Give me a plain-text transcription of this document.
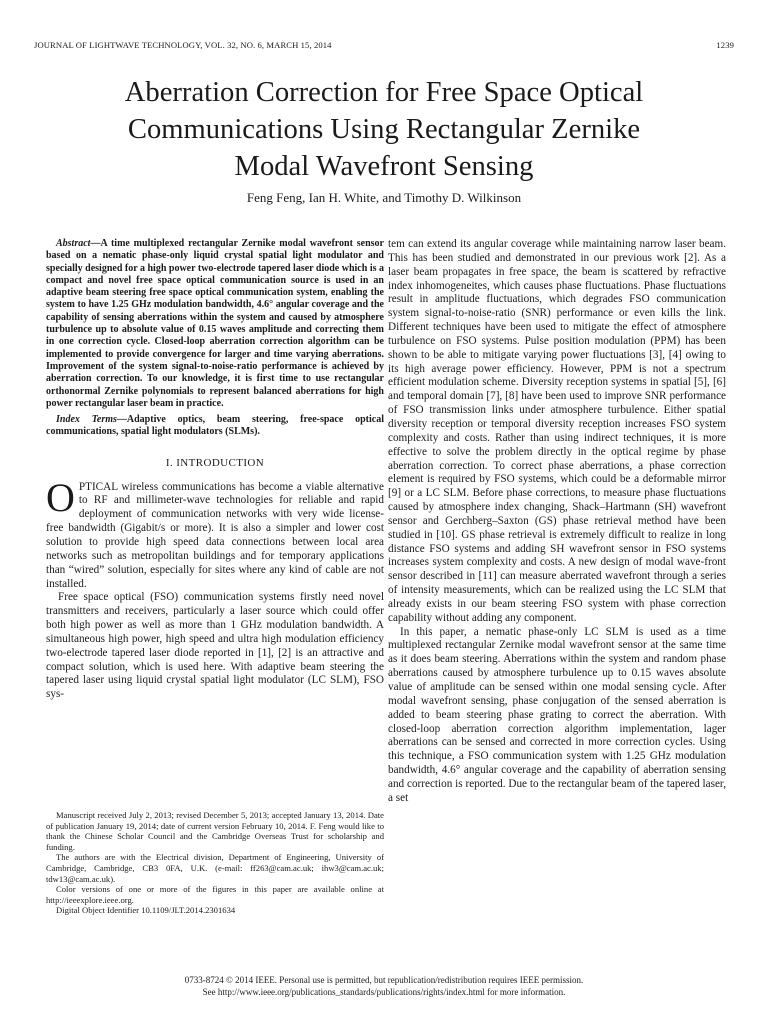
JOURNAL OF LIGHTWAVE TECHNOLOGY, VOL. 32, NO. 6, MARCH 15, 2014	1239
Aberration Correction for Free Space Optical
Communications Using Rectangular Zernike
Modal Wavefront Sensing
Feng Feng, Ian H. White, and Timothy D. Wilkinson

Abstract—A time multiplexed rectangular Zernike modal wavefront sensor based on a nematic phase-only liquid crystal spatial light modulator and specially designed for a high power two-electrode tapered laser diode which is a compact and novel free space optical communication source is used in an adaptive beam steering free space optical communication system, enabling the system to have 1.25 GHz modulation bandwidth, 4.6° angular coverage and the capability of sensing aberrations within the system and caused by atmosphere turbulence up to absolute value of 0.15 waves amplitude and correcting them in one correction cycle. Closed-loop aberration correction algorithm can be implemented to provide convergence for larger and time varying aberrations. Improvement of the system signal-to-noise-ratio performance is achieved by aberration correction. To our knowledge, it is first time to use rectangular orthonormal Zernike polynomials to represent balanced aberrations for high power rectangular laser beam in practice.

Index Terms—Adaptive optics, beam steering, free-space optical communications, spatial light modulators (SLMs).

I. INTRODUCTION

OPTICAL wireless communications has become a viable alternative to RF and millimeter-wave technologies for reliable and rapid deployment of communication networks with very wide license-free bandwidth (Gigabit/s or more). It is also a simpler and lower cost solution to provide high speed data connections between local area networks such as metropolitan buildings and for temporary applications than “wired” solution, especially for sites where any kind of cable are not installed.

Free space optical (FSO) communication systems firstly need novel transmitters and receivers, particularly a laser source which could offer both high power as well as more than 1 GHz modulation bandwidth. A simultaneous high power, high speed and ultra high modulation efficiency two-electrode tapered laser diode reported in [1], [2] is an attractive and compact solution, which is used here. With adaptive beam steering the tapered laser using liquid crystal spatial light modulator (LC SLM), FSO sys-

tem can extend its angular coverage while maintaining narrow laser beam. This has been studied and demonstrated in our previous work [2]. As a laser beam propagates in free space, the beam is scattered by refractive index inhomogeneites, which causes phase fluctuations. Phase fluctuations result in amplitude fluctuations, which degrades FSO communication system signal-to-noise-ratio (SNR) performance or even kills the link. Different techniques have been used to mitigate the effect of atmosphere turbulence on FSO systems. Pulse position modulation (PPM) has been shown to be able to mitigate varying power fluctuations [3], [4] owing to its high average power efficiency. However, PPM is not a spectrum efficient modulation scheme. Diversity reception systems in spatial [5], [6] and temporal domain [7], [8] have been used to improve SNR performance of FSO transmission links under atmosphere turbulence. Either spatial diversity reception or temporal diversity reception increases FSO system complexity and costs. Rather than using indirect techniques, it is more effective to solve the problem directly in the optical regime by phase aberration correction. To correct phase aberrations, a phase correction element is required by FSO systems, which could be a deformable mirror [9] or a LC SLM. Before phase corrections, to measure phase fluctuations caused by atmosphere index changing, Shack–Hartmann (SH) wavefront sensor and Gerchberg–Saxton (GS) phase retrieval method have been studied in [10]. GS phase retrieval is extremely difficult to realize in long distance FSO systems and adding SH wavefront sensor in FSO systems increases system complexity and costs. A new design of modal wave-front sensor described in [11] can measure aberrated wavefront through a series of intensity measurements, which can be realized using the LC SLM that already exists in our beam steering FSO system with phase correction capability without adding any component.

In this paper, a nematic phase-only LC SLM is used as a time multiplexed rectangular Zernike modal wavefront sensor at the same time as it does beam steering. Aberrations within the system and random phase aberrations caused by atmosphere turbulence up to 0.15 waves absolute value of amplitude can be sensed within one modal sensing cycle. After modal wavefront sensing, phase conjugation of the sensed aberration is added to beam steering phase grating to correct the aberration. With closed-loop aberration correction algorithm implementation, lager aberrations can be sensed and corrected in more correction cycles. Using this technique, a FSO communication system with 1.25 GHz modulation bandwidth, 4.6° angular coverage and the capability of aberration sensing and correction is reported. Due to the rectangular beam of the tapered laser, a set

Manuscript received July 2, 2013; revised December 5, 2013; accepted January 13, 2014. Date of publication January 19, 2014; date of current version February 10, 2014. F. Feng would like to thank the Chinese Scholar Council and the Cambridge Overseas Trust for scholarship and funding.

The authors are with the Electrical division, Department of Engineering, University of Cambridge, Cambridge, CB3 0FA, U.K. (e-mail: ff263@cam.ac.uk; ihw3@cam.ac.uk; tdw13@cam.ac.uk).

Color versions of one or more of the figures in this paper are available online at http://ieeexplore.ieee.org.

Digital Object Identifier 10.1109/JLT.2014.2301634

0733-8724 © 2014 IEEE. Personal use is permitted, but republication/redistribution requires IEEE permission.
See http://www.ieee.org/publications_standards/publications/rights/index.html for more information.
